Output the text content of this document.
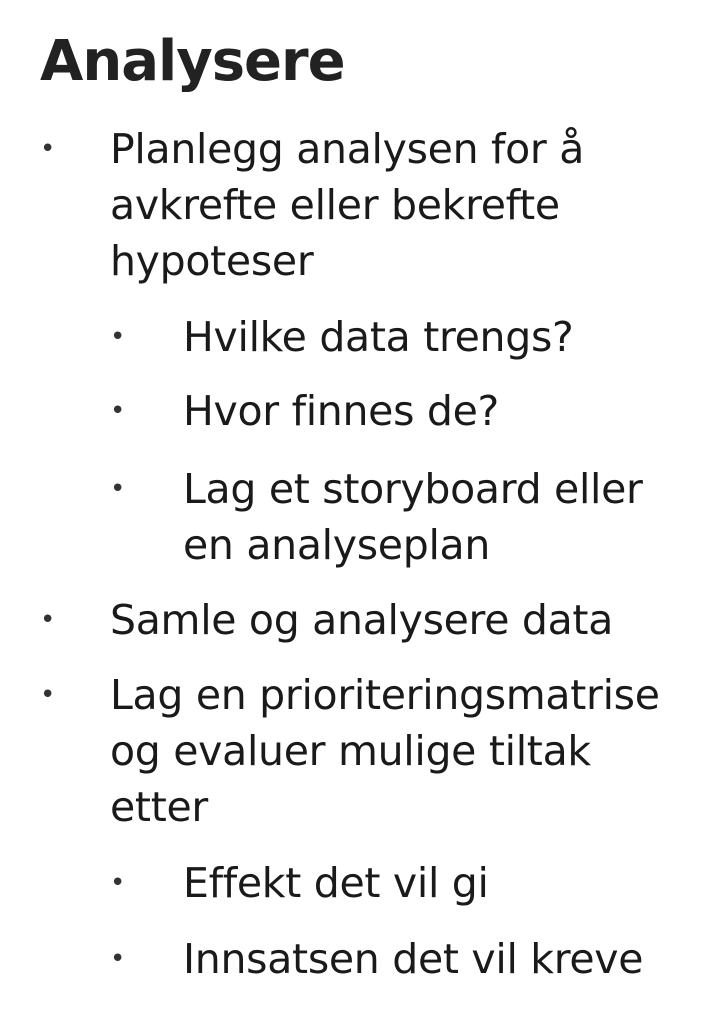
Analysere
• Planlegg analysen for å

avkrefte eller bekrefte

hypoteser

• Hvilke data trengs?

• Hvor finnes de?

• Lag et storyboard eller

en analyseplan

• Samle og analysere data

• Lag en prioriteringsmatrise

og evaluer mulige tiltak

etter

• Effekt det vil gi

• Innsatsen det vil kreve
